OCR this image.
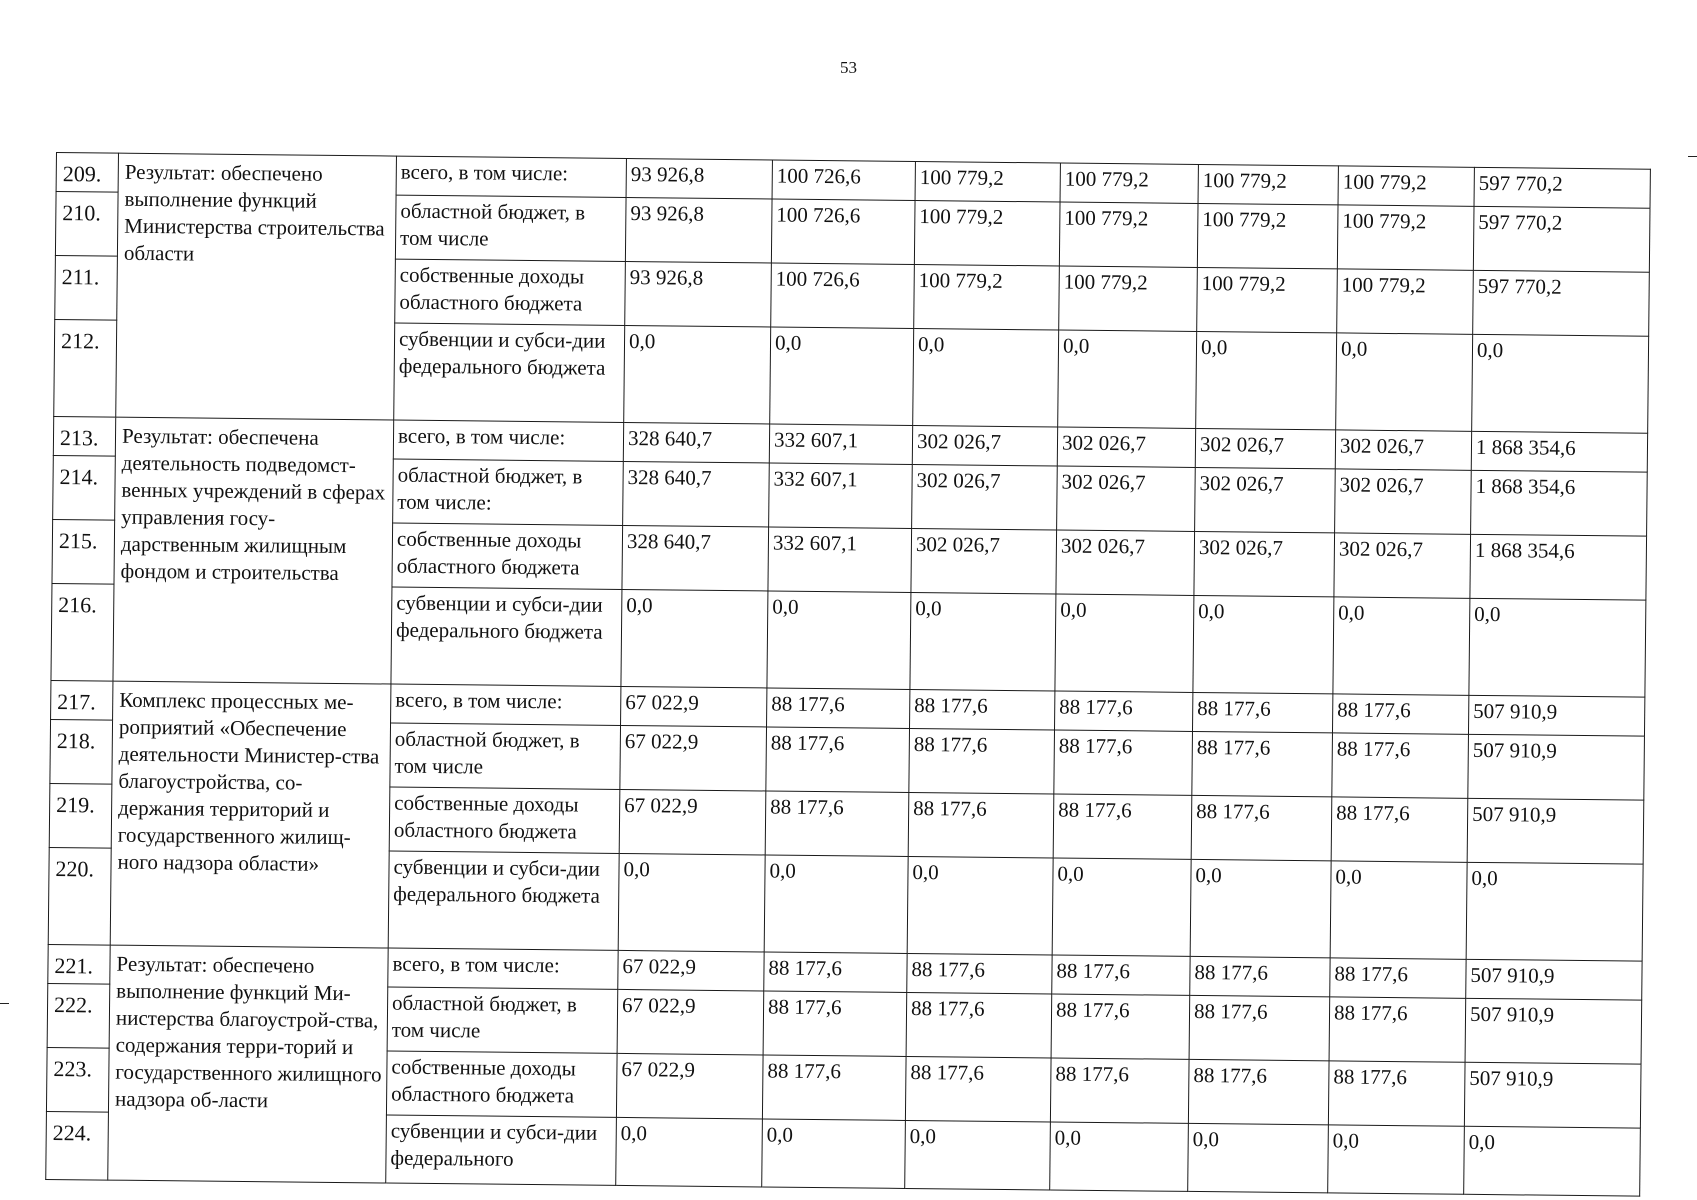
53
209.	Результат: обеспечено выполнение функций Министерства строительства области	всего, в том числе:	93 926,8	100 726,6	100 779,2	100 779,2	100 779,2	100 779,2	597 770,2
210.		областной бюджет, в том числе	93 926,8	100 726,6	100 779,2	100 779,2	100 779,2	100 779,2	597 770,2
211.		собственные доходы областного бюджета	93 926,8	100 726,6	100 779,2	100 779,2	100 779,2	100 779,2	597 770,2
212.		субвенции и субси-дии федерального бюджета	0,0	0,0	0,0	0,0	0,0	0,0	0,0
213.	Результат: обеспечена деятельность подведомст-венных учреждений в сферах управления госу-дарственным жилищным фондом и строительства	всего, в том числе:	328 640,7	332 607,1	302 026,7	302 026,7	302 026,7	302 026,7	1 868 354,6
214.		областной бюджет, в том числе:	328 640,7	332 607,1	302 026,7	302 026,7	302 026,7	302 026,7	1 868 354,6
215.		собственные доходы областного бюджета	328 640,7	332 607,1	302 026,7	302 026,7	302 026,7	302 026,7	1 868 354,6
216.		субвенции и субси-дии федерального бюджета	0,0	0,0	0,0	0,0	0,0	0,0	0,0
217.	Комплекс процессных ме-роприятий «Обеспечение деятельности Министер-ства благоустройства, со-держания территорий и государственного жилищ-ного надзора области»	всего, в том числе:	67 022,9	88 177,6	88 177,6	88 177,6	88 177,6	88 177,6	507 910,9
218.		областной бюджет, в том числе	67 022,9	88 177,6	88 177,6	88 177,6	88 177,6	88 177,6	507 910,9
219.		собственные доходы областного бюджета	67 022,9	88 177,6	88 177,6	88 177,6	88 177,6	88 177,6	507 910,9
220.		субвенции и субси-дии федерального бюджета	0,0	0,0	0,0	0,0	0,0	0,0	0,0
221.	Результат: обеспечено выполнение функций Ми-нистерства благоустрой-ства, содержания терри-торий и государственного жилищного надзора об-ласти	всего, в том числе:	67 022,9	88 177,6	88 177,6	88 177,6	88 177,6	88 177,6	507 910,9
222.		областной бюджет, в том числе	67 022,9	88 177,6	88 177,6	88 177,6	88 177,6	88 177,6	507 910,9
223.		собственные доходы областного бюджета	67 022,9	88 177,6	88 177,6	88 177,6	88 177,6	88 177,6	507 910,9
224.		субвенции и субси-дии федерального	0,0	0,0	0,0	0,0	0,0	0,0	0,0
